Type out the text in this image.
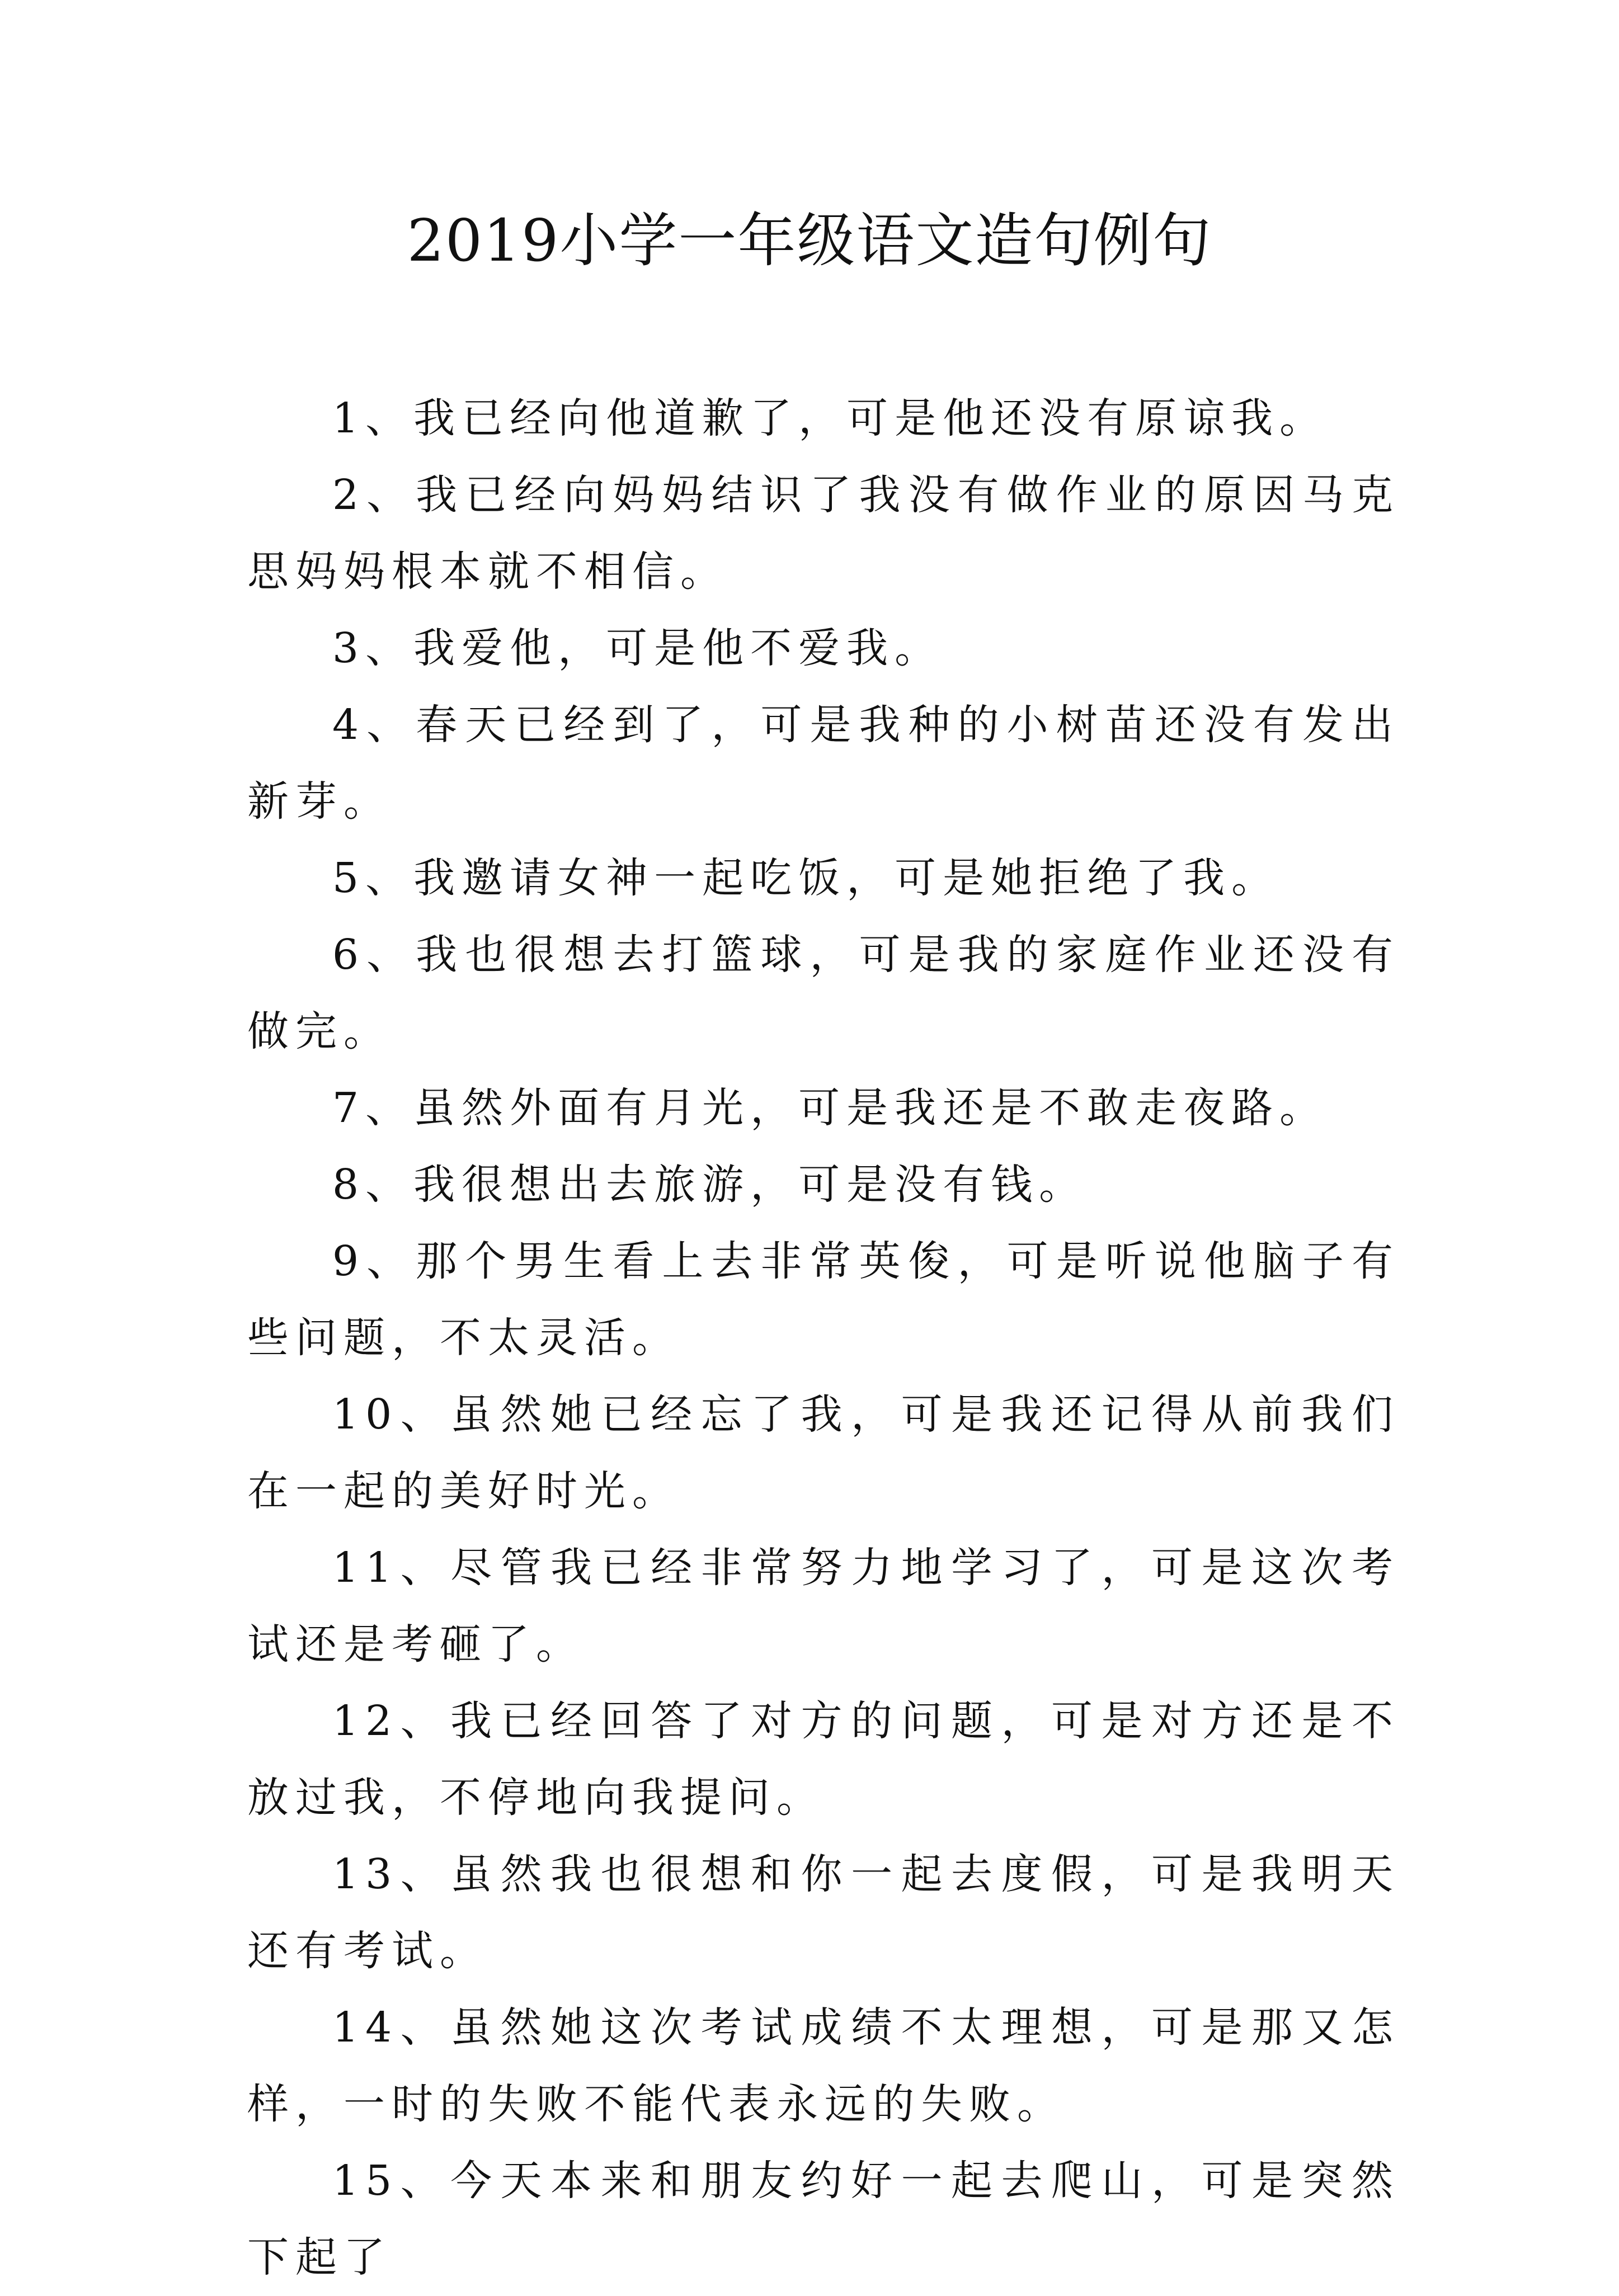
2019小学一年级语文造句例句

1、我已经向他道歉了，可是他还没有原谅我。

2、我已经向妈妈结识了我没有做作业的原因马克思妈妈根本就不相信。

3、我爱他，可是他不爱我。

4、春天已经到了，可是我种的小树苗还没有发出新芽。

5、我邀请女神一起吃饭，可是她拒绝了我。

6、我也很想去打篮球，可是我的家庭作业还没有做完。

7、虽然外面有月光，可是我还是不敢走夜路。

8、我很想出去旅游，可是没有钱。

9、那个男生看上去非常英俊，可是听说他脑子有些问题，不太灵活。

10、虽然她已经忘了我，可是我还记得从前我们在一起的美好时光。

11、尽管我已经非常努力地学习了，可是这次考试还是考砸了。

12、我已经回答了对方的问题，可是对方还是不放过我，不停地向我提问。

13、虽然我也很想和你一起去度假，可是我明天还有考试。

14、虽然她这次考试成绩不太理想，可是那又怎样，一时的失败不能代表永远的失败。

15、今天本来和朋友约好一起去爬山，可是突然下起了
